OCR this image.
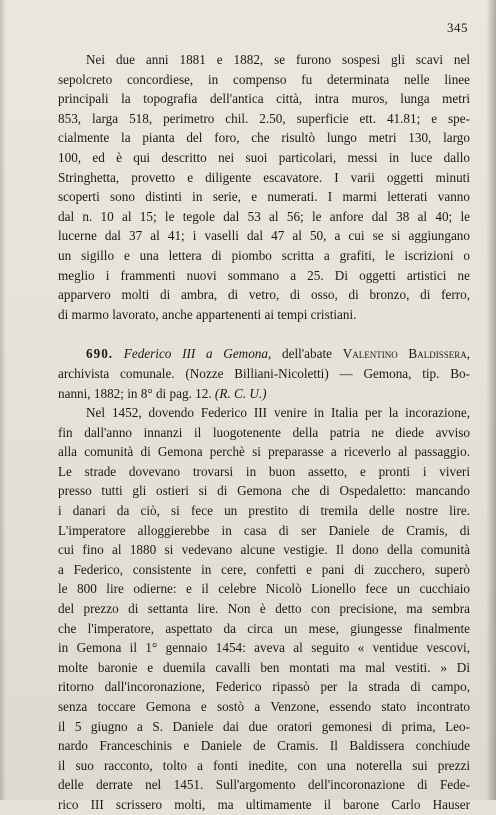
345
Nei due anni 1881 e 1882, se furono sospesi gli scavi nel
sepolcreto concordiese, in compenso fu determinata nelle linee
principali la topografia dell'antica città, intra muros, lunga metri
853, larga 518, perimetro chil. 2.50, superficie ett. 41.81; e spe-
cialmente la pianta del foro, che risultò lungo metri 130, largo
100, ed è qui descritto nei suoi particolari, messi in luce dallo
Stringhetta, provetto e diligente escavatore. I varii oggetti minuti
scoperti sono distinti in serie, e numerati. I marmi letterati vanno
dal n. 10 al 15; le tegole dal 53 al 56; le anfore dal 38 al 40; le
lucerne dal 37 al 41; i vaselli dal 47 al 50, a cui se si aggiungano
un sigillo e una lettera di piombo scritta a grafiti, le iscrizioni o
meglio i frammenti nuovi sommano a 25. Di oggetti artistici ne
apparvero molti di ambra, di vetro, di osso, di bronzo, di ferro,
di marmo lavorato, anche appartenenti ai tempi cristiani.
690. Federico III a Gemona, dell'abate Valentino Baldissera,
archivista comunale. (Nozze Billiani-Nicoletti) — Gemona, tip. Bo-
nanni, 1882; in 8° di pag. 12. (R. C. U.)
Nel 1452, dovendo Federico III venire in Italia per la incorazione,
fin dall'anno innanzi il luogotenente della patria ne diede avviso
alla comunità di Gemona perchè si preparasse a riceverlo al passaggio.
Le strade dovevano trovarsi in buon assetto, e pronti i viveri
presso tutti gli ostieri si di Gemona che di Ospedaletto: mancando
i danari da ciò, si fece un prestito di tremila delle nostre lire.
L'imperatore alloggierebbe in casa di ser Daniele de Cramis, di
cui fino al 1880 si vedevano alcune vestigie. Il dono della comunità
a Federico, consistente in cere, confetti e pani di zucchero, superò
le 800 lire odierne: e il celebre Nicolò Lionello fece un cucchiaio
del prezzo di settanta lire. Non è detto con precisione, ma sembra
che l'imperatore, aspettato da circa un mese, giungesse finalmente
in Gemona il 1° gennaio 1454: aveva al seguito « ventidue vescovi,
molte baronie e duemila cavalli ben montati ma mal vestiti. » Di
ritorno dall'incoronazione, Federico ripassò per la strada di campo,
senza toccare Gemona e sostò a Venzone, essendo stato incontrato
il 5 giugno a S. Daniele dai due oratori gemonesi di prima, Leo-
nardo Franceschinis e Daniele de Cramis. Il Baldissera conchiude
il suo racconto, tolto a fonti inedite, con una noterella sui prezzi
delle derrate nel 1451. Sull'argomento dell'incoronazione di Fede-
rico III scrissero molti, ma ultimamente il barone Carlo Hauser
